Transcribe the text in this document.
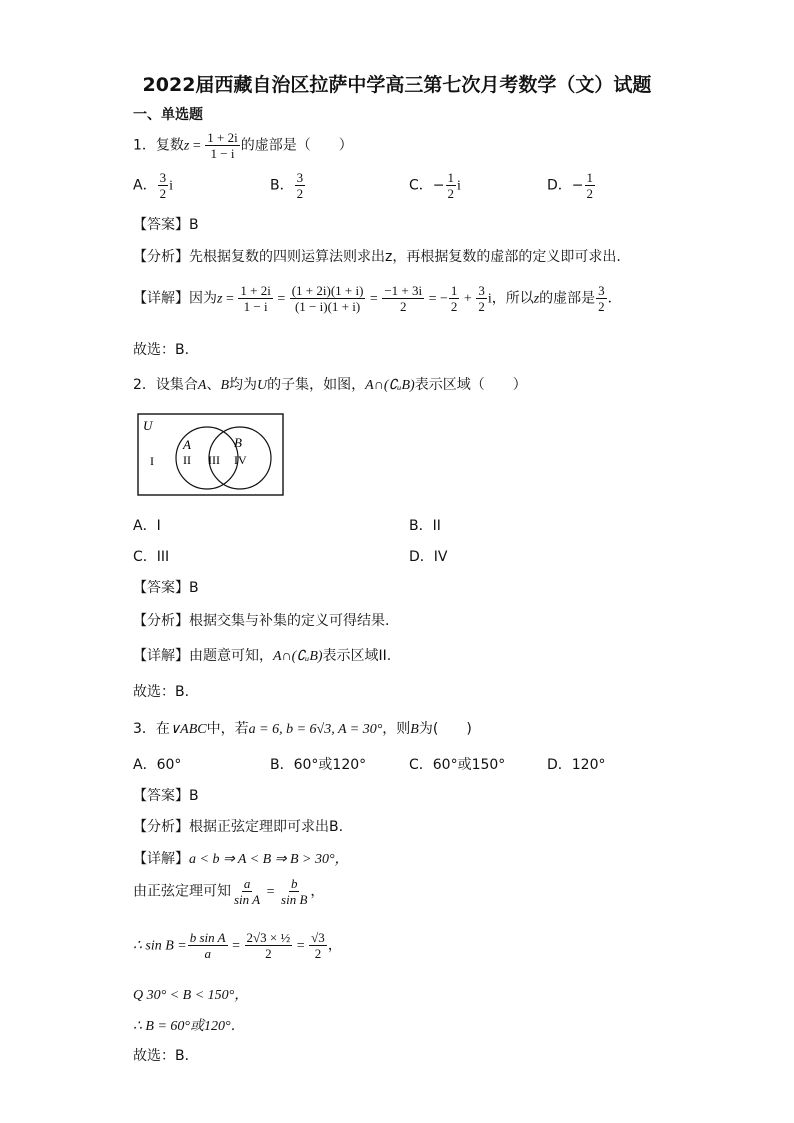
2022届西藏自治区拉萨中学高三第七次月考数学（文）试题
一、单选题
1．复数$z = \frac{1 + 2i}{1 - i}$ 的虚部是（　　）
A． $\frac{3}{2}$ i	B． $\frac{3}{2}$	C．− $\frac{1}{2}$ i	D．− $\frac{1}{2}$
【答案】B
【分析】先根据复数的四则运算法则求出z，再根据复数的虚部的定义即可求出.
【详解】因为$z = \frac{1 + 2i}{1 - i} = \frac{(1 + 2i)(1 + i)}{(1 - i)(1 + i)} = \frac{-1 + 3i}{2}$ = − $\frac{1}{2} + \frac{3}{2}$ i，所以z的虚部是 $\frac{3}{2}$ ．
故选：B.
2．设集合A、B均为U的子集，如图，A∩(∁ᵤB)表示区域（　　）
U
A	B
I II III IV
A．I	B．II
C．III	D．IV
【答案】B
【分析】根据交集与补集的定义可得结果.
【详解】由题意可知，A∩(∁ᵤB)表示区域II.
故选：B.
3．在∨ABC中，若a = 6, b = 6√3, A = 30°，则B为(　　)
A．60°	B．60°或120°	C．60°或150°	D．120°
【答案】B
【分析】根据正弦定理即可求出B.
【详解】a < b ⇒ A < B ⇒ B > 30°，
由正弦定理可知 $\frac{a}{\text{sin A}} = \frac{b}{\text{sin B}}$ ，
∴ $\sin B = \frac{\text{b sin A}}{a} = \frac{\text{2√3 × ½}}{2} = \frac{√3}{2}$ ，
Q 30° < B < 150°，
∴ B = 60°或120°．
故选：B．
